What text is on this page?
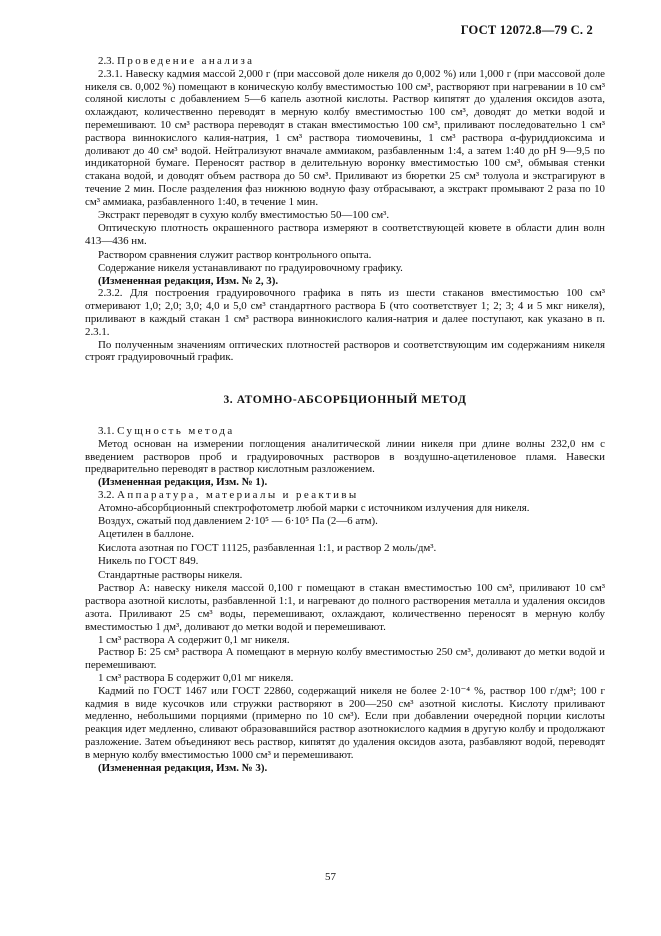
ГОСТ 12072.8—79 С. 2

2.3. Проведение анализа

2.3.1. Навеску кадмия массой 2,000 г (при массовой доле никеля до 0,002 %) или 1,000 г (при массовой доле никеля св. 0,002 %) помещают в коническую колбу вместимостью 100 см³, растворяют при нагревании в 10 см³ соляной кислоты с добавлением 5—6 капель азотной кислоты. Раствор кипятят до удаления оксидов азота, охлаждают, количественно переводят в мерную колбу вместимостью 100 см³, доводят до метки водой и перемешивают. 10 см³ раствора переводят в стакан вместимостью 100 см³, приливают последовательно 1 см³ раствора виннокислого калия-натрия, 1 см³ раствора тиомочевины, 1 см³ раствора α-фуриддиоксима и доливают до 40 см³ водой. Нейтрализуют вначале аммиаком, разбавленным 1:4, а затем 1:40 до рН 9—9,5 по индикаторной бумаге. Переносят раствор в делительную воронку вместимостью 100 см³, обмывая стенки стакана водой, и доводят объем раствора до 50 см³. Приливают из бюретки 25 см³ толуола и экстрагируют в течение 2 мин. После разделения фаз нижнюю водную фазу отбрасывают, а экстракт промывают 2 раза по 10 см³ аммиака, разбавленного 1:40, в течение 1 мин.

Экстракт переводят в сухую колбу вместимостью 50—100 см³.

Оптическую плотность окрашенного раствора измеряют в соответствующей кювете в области длин волн 413—436 нм.

Раствором сравнения служит раствор контрольного опыта.

Содержание никеля устанавливают по градуировочному графику.

(Измененная редакция, Изм. № 2, 3).

2.3.2. Для построения градуировочного графика в пять из шести стаканов вместимостью 100 см³ отмеривают 1,0; 2,0; 3,0; 4,0 и 5,0 см³ стандартного раствора Б (что соответствует 1; 2; 3; 4 и 5 мкг никеля), приливают в каждый стакан 1 см³ раствора виннокислого калия-натрия и далее поступают, как указано в п. 2.3.1.

По полученным значениям оптических плотностей растворов и соответствующим им содержаниям никеля строят градуировочный график.

3. АТОМНО-АБСОРБЦИОННЫЙ МЕТОД

3.1. Сущность метода

Метод основан на измерении поглощения аналитической линии никеля при длине волны 232,0 нм с введением растворов проб и градуировочных растворов в воздушно-ацетиленовое пламя. Навески предварительно переводят в раствор кислотным разложением.

(Измененная редакция, Изм. № 1).

3.2. Аппаратура, материалы и реактивы

Атомно-абсорбционный спектрофотометр любой марки с источником излучения для никеля.

Воздух, сжатый под давлением 2·10⁵ — 6·10⁵ Па (2—6 атм).

Ацетилен в баллоне.

Кислота азотная по ГОСТ 11125, разбавленная 1:1, и раствор 2 моль/дм³.

Никель по ГОСТ 849.

Стандартные растворы никеля.

Раствор А: навеску никеля массой 0,100 г помещают в стакан вместимостью 100 см³, приливают 10 см³ раствора азотной кислоты, разбавленной 1:1, и нагревают до полного растворения металла и удаления оксидов азота. Приливают 25 см³ воды, перемешивают, охлаждают, количественно переносят в мерную колбу вместимостью 1 дм³, доливают до метки водой и перемешивают.

1 см³ раствора А содержит 0,1 мг никеля.

Раствор Б: 25 см³ раствора А помещают в мерную колбу вместимостью 250 см³, доливают до метки водой и перемешивают.

1 см³ раствора Б содержит 0,01 мг никеля.

Кадмий по ГОСТ 1467 или ГОСТ 22860, содержащий никеля не более 2·10⁻⁴ %, раствор 100 г/дм³; 100 г кадмия в виде кусочков или стружки растворяют в 200—250 см³ азотной кислоты. Кислоту приливают медленно, небольшими порциями (примерно по 10 см³). Если при добавлении очередной порции кислоты реакция идет медленно, сливают образовавшийся раствор азотнокислого кадмия в другую колбу и продолжают разложение. Затем объединяют весь раствор, кипятят до удаления оксидов азота, разбавляют водой, переводят в мерную колбу вместимостью 1000 см³ и перемешивают.

(Измененная редакция, Изм. № 3).

57
